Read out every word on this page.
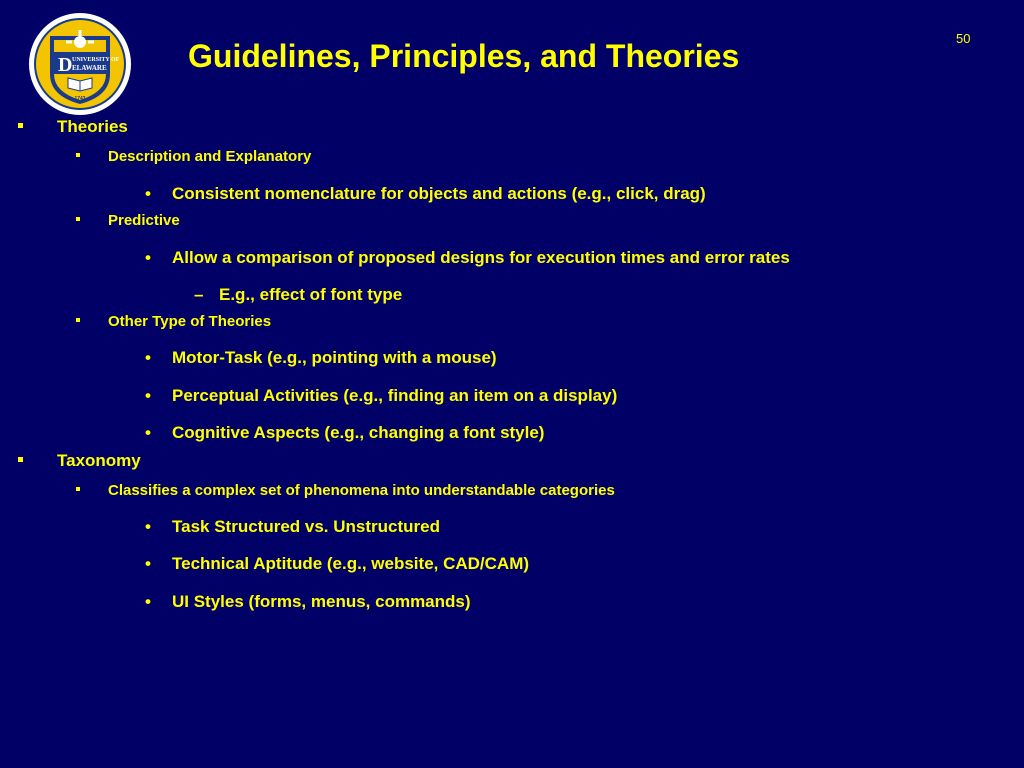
D UNIVERSITY OF
ELAWARE
1743
Guidelines, Principles, and Theories	50
Theories
Description and Explanatory
• Consistent nomenclature for objects and actions (e.g., click, drag)
Predictive
• Allow a comparison of proposed designs for execution times and error rates
– E.g., effect of font type
Other Type of Theories
• Motor-Task (e.g., pointing with a mouse)
• Perceptual Activities (e.g., finding an item on a display)
• Cognitive Aspects (e.g., changing a font style)
Taxonomy
Classifies a complex set of phenomena into understandable categories
• Task Structured vs. Unstructured
• Technical Aptitude (e.g., website, CAD/CAM)
• UI Styles (forms, menus, commands)
